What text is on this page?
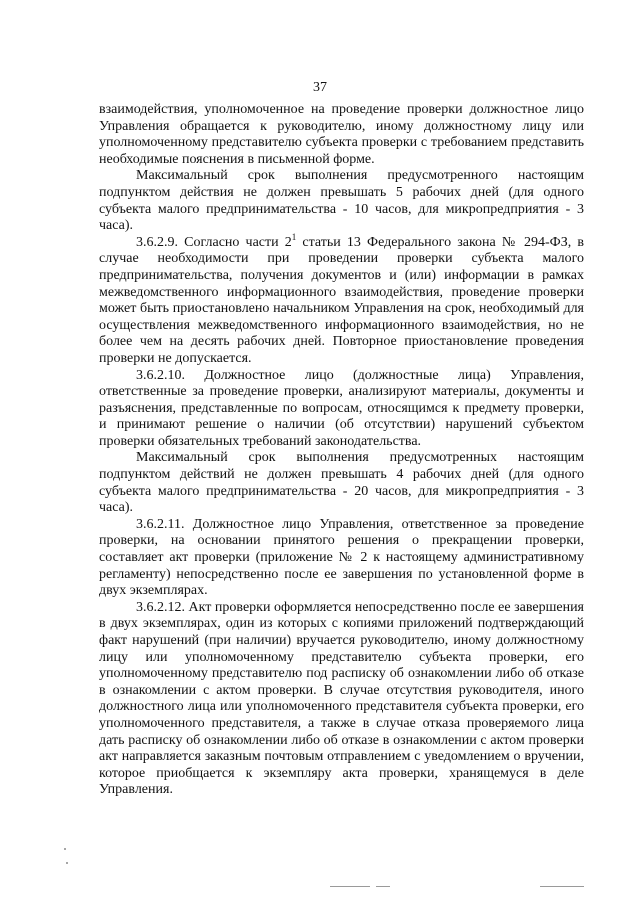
37

взаимодействия, уполномоченное на проведение проверки должностное лицо Управления обращается к руководителю, иному должностному лицу или уполномоченному представителю субъекта проверки с требованием представить необходимые пояснения в письменной форме.

Максимальный срок выполнения предусмотренного настоящим подпунктом действия не должен превышать 5 рабочих дней (для одного субъекта малого предпринимательства - 10 часов, для микропредприятия - 3 часа).

3.6.2.9. Согласно части $2^1$ статьи 13 Федерального закона № 294-ФЗ, в случае необходимости при проведении проверки субъекта малого предпринимательства, получения документов и (или) информации в рамках межведомственного информационного взаимодействия, проведение проверки может быть приостановлено начальником Управления на срок, необходимый для осуществления межведомственного информационного взаимодействия, но не более чем на десять рабочих дней. Повторное приостановление проведения проверки не допускается.

3.6.2.10. Должностное лицо (должностные лица) Управления, ответственные за проведение проверки, анализируют материалы, документы и разъяснения, представленные по вопросам, относящимся к предмету проверки, и принимают решение о наличии (об отсутствии) нарушений субъектом проверки обязательных требований законодательства.

Максимальный срок выполнения предусмотренных настоящим подпунктом действий не должен превышать 4 рабочих дней (для одного субъекта малого предпринимательства - 20 часов, для микропредприятия - 3 часа).

3.6.2.11. Должностное лицо Управления, ответственное за проведение проверки, на основании принятого решения о прекращении проверки, составляет акт проверки (приложение № 2 к настоящему административному регламенту) непосредственно после ее завершения по установленной форме в двух экземплярах.

3.6.2.12. Акт проверки оформляется непосредственно после ее завершения в двух экземплярах, один из которых с копиями приложений подтверждающий факт нарушений (при наличии) вручается руководителю, иному должностному лицу или уполномоченному представителю субъекта проверки, его уполномоченному представителю под расписку об ознакомлении либо об отказе в ознакомлении с актом проверки. В случае отсутствия руководителя, иного должностного лица или уполномоченного представителя субъекта проверки, его уполномоченного представителя, а также в случае отказа проверяемого лица дать расписку об ознакомлении либо об отказе в ознакомлении с актом проверки акт направляется заказным почтовым отправлением с уведомлением о вручении, которое приобщается к экземпляру акта проверки, хранящемуся в деле Управления.
